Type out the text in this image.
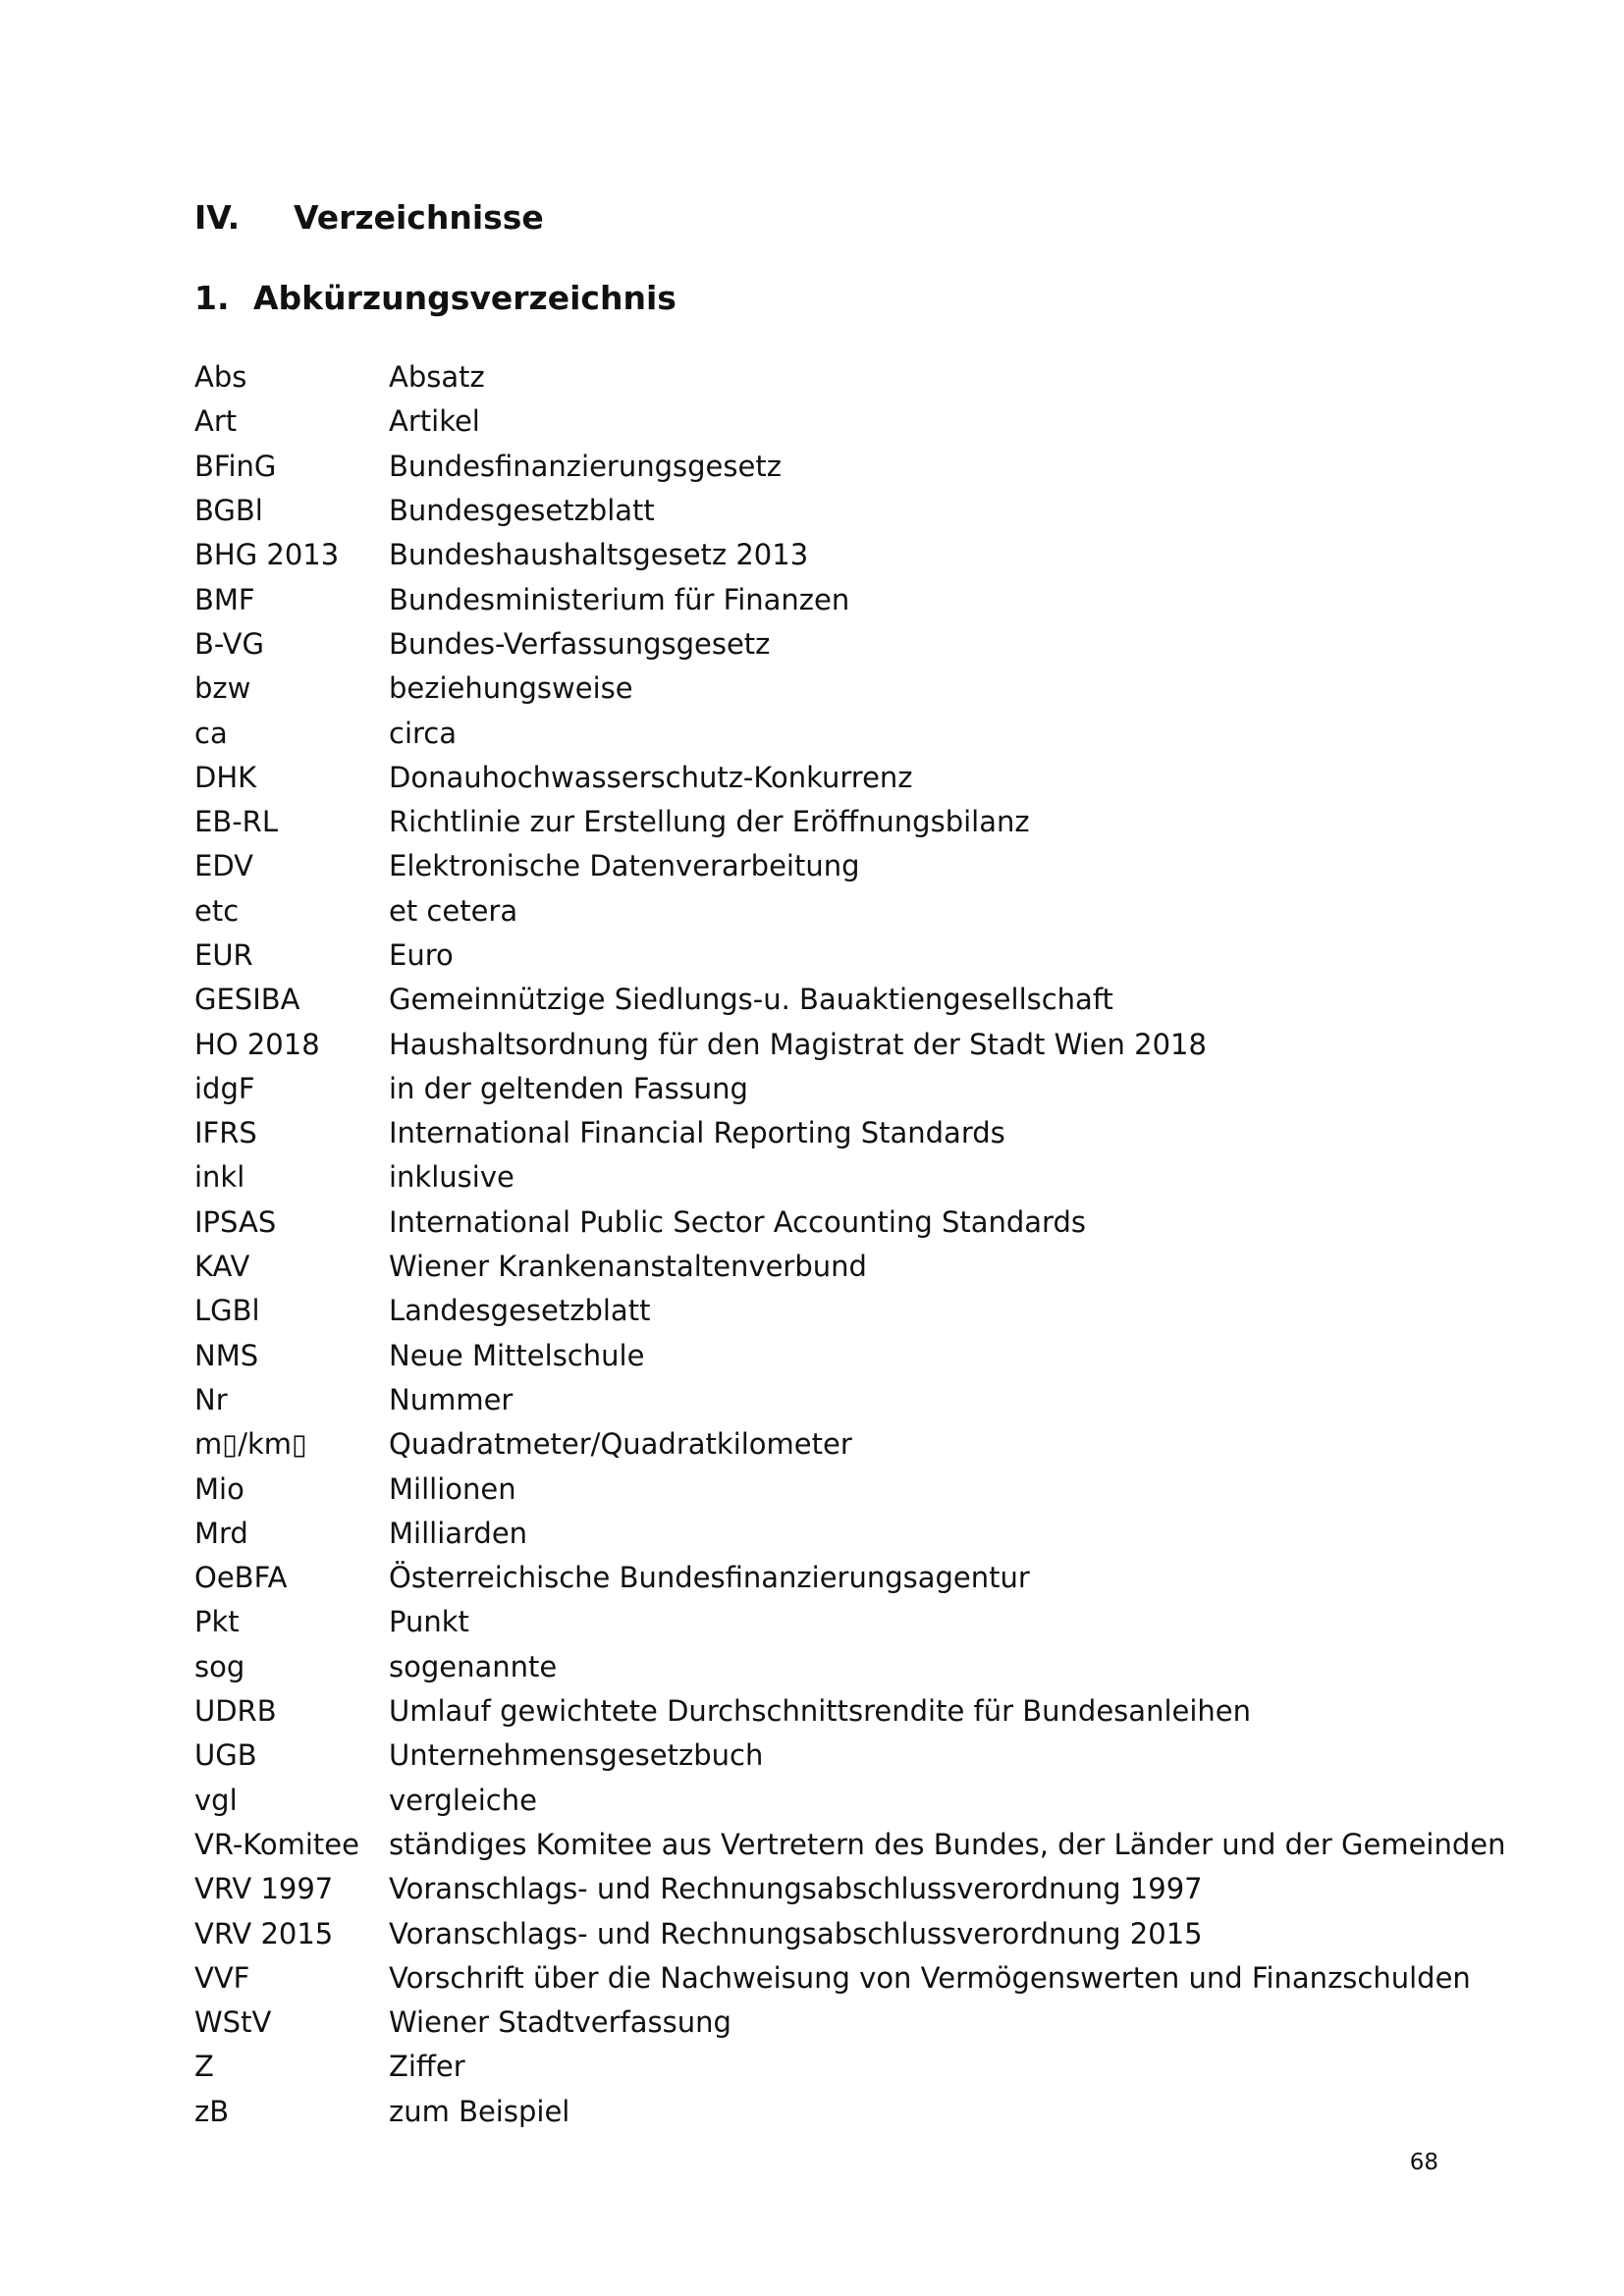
IV. Verzeichnisse
1. Abkürzungsverzeichnis
Abs	Absatz
Art	Artikel
BFinG	Bundesfinanzierungsgesetz
BGBl	Bundesgesetzblatt
BHG 2013	Bundeshaushaltsgesetz 2013
BMF	Bundesministerium für Finanzen
B-VG	Bundes-Verfassungsgesetz
bzw	beziehungsweise
ca	circa
DHK	Donauhochwasserschutz-Konkurrenz
EB-RL	Richtlinie zur Erstellung der Eröffnungsbilanz
EDV	Elektronische Datenverarbeitung
etc	et cetera
EUR	Euro
GESIBA	Gemeinnützige Siedlungs-u. Bauaktiengesellschaft
HO 2018	Haushaltsordnung für den Magistrat der Stadt Wien 2018
idgF	in der geltenden Fassung
IFRS	International Financial Reporting Standards
inkl	inklusive
IPSAS	International Public Sector Accounting Standards
KAV	Wiener Krankenanstaltenverbund
LGBl	Landesgesetzblatt
NMS	Neue Mittelschule
Nr	Nummer
m▯/km▯	Quadratmeter/Quadratkilometer
Mio	Millionen
Mrd	Milliarden
OeBFA	Österreichische Bundesfinanzierungsagentur
Pkt	Punkt
sog	sogenannte
UDRB	Umlauf gewichtete Durchschnittsrendite für Bundesanleihen
UGB	Unternehmensgesetzbuch
vgl	vergleiche
VR-Komitee	ständiges Komitee aus Vertretern des Bundes, der Länder und der Gemeinden
VRV 1997	Voranschlags- und Rechnungsabschlussverordnung 1997
VRV 2015	Voranschlags- und Rechnungsabschlussverordnung 2015
VVF	Vorschrift über die Nachweisung von Vermögenswerten und Finanzschulden
WStV	Wiener Stadtverfassung
Z	Ziffer
zB	zum Beispiel
68
